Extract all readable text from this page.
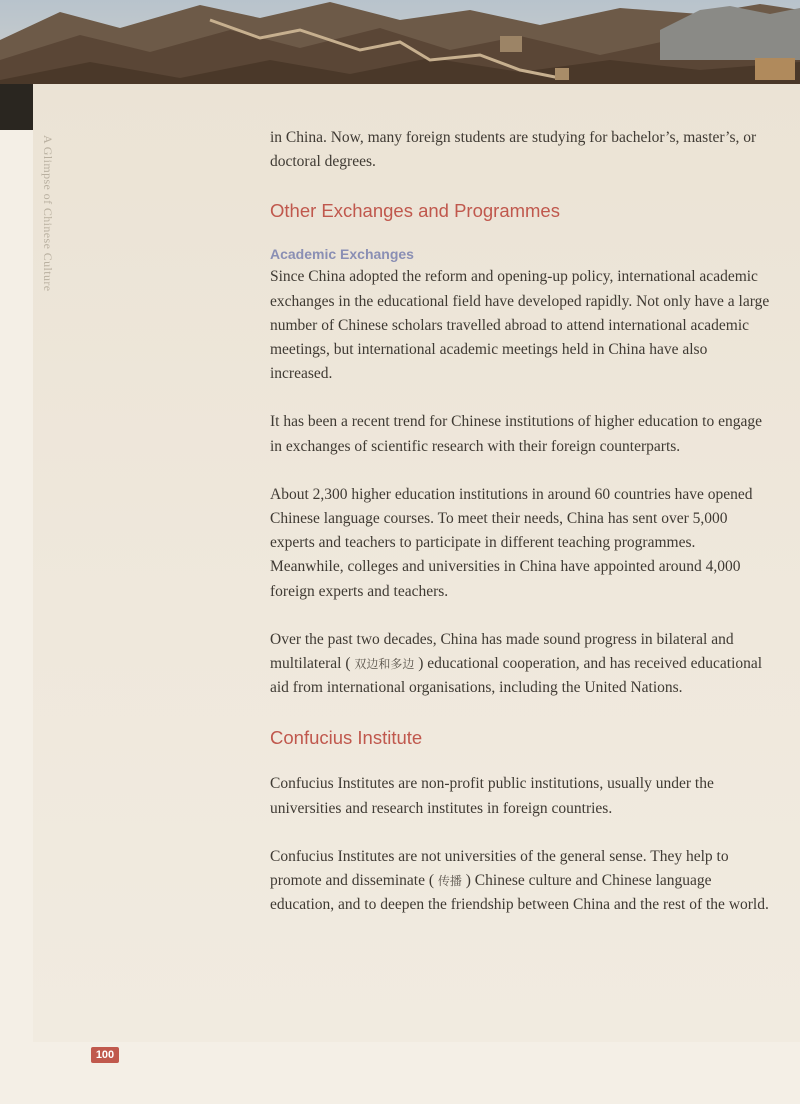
A Glimpse of Chinese Culture	in China. Now, many foreign students are studying for bachelor’s, master’s, or doctoral degrees.

Other Exchanges and Programmes
Academic Exchanges

Since China adopted the reform and opening-up policy, international academic exchanges in the educational field have developed rapidly. Not only have a large number of Chinese scholars travelled abroad to attend international academic meetings, but international academic meetings held in China have also increased.

It has been a recent trend for Chinese institutions of higher education to engage in exchanges of scientific research with their foreign counterparts.

About 2,300 higher education institutions in around 60 countries have opened Chinese language courses. To meet their needs, China has sent over 5,000 experts and teachers to participate in different teaching programmes. Meanwhile, colleges and universities in China have appointed around 4,000 foreign experts and teachers.

Over the past two decades, China has made sound progress in bilateral and multilateral ( 双边和多边 ) educational cooperation, and has received educational aid from international organisations, including the United Nations.

Confucius Institute

Confucius Institutes are non-profit public institutions, usually under the universities and research institutes in foreign countries.

Confucius Institutes are not universities of the general sense. They help to promote and disseminate ( 传播 ) Chinese culture and Chinese language education, and to deepen the friendship between China and the rest of the world.

100
